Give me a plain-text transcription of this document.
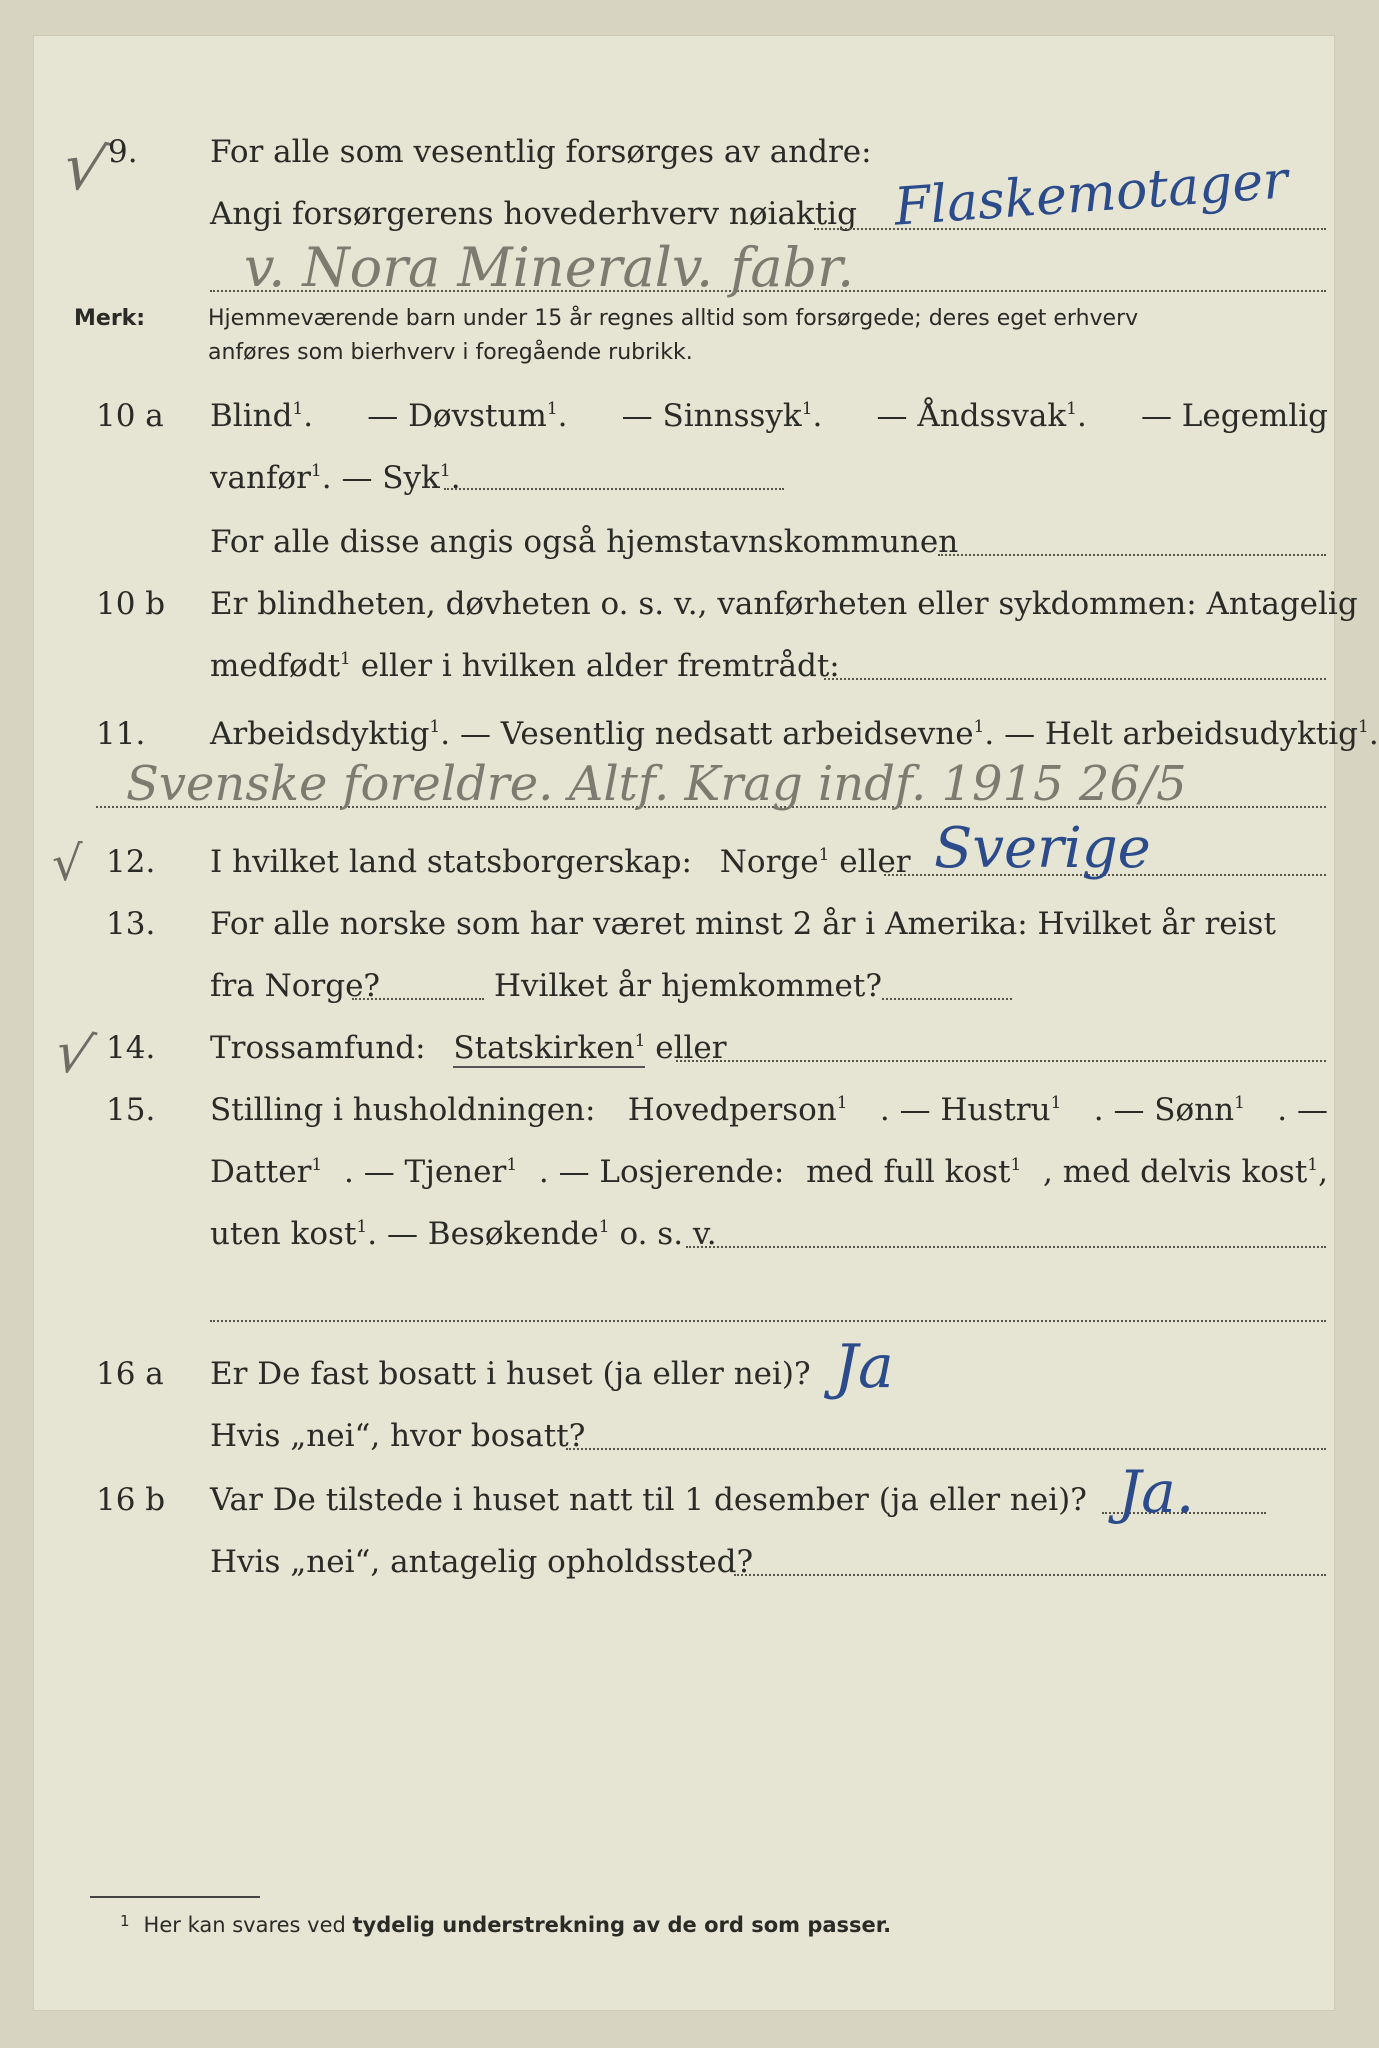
√
9. For alle som vesentlig forsørges av andre:
Angi forsørgerens hovederhverv nøiaktig Flaskemotager
v. Nora Mineralv. fabr.
Merk:	Hjemmeværende barn under 15 år regnes alltid som forsørgede; deres eget erhverv
anføres som bierhverv i foregående rubrikk.
10 a Blind$^1$. — Døvstum$^1$. — Sinnssyk$^1$. — Åndssvak$^1$. — Legemlig
vanfør$^1$. — Syk$^1$.
For alle disse angis også hjemstavnskommunen
10 b Er blindheten, døvheten o. s. v., vanførheten eller sykdommen: Antagelig
medfødt$^1$ eller i hvilken alder fremtrådt:
11. Arbeidsdyktig$^1$. — Vesentlig nedsatt arbeidsevne$^1$. — Helt arbeidsudyktig$^1$.
Svenske foreldre. Altf. Krag indf. 1915 26/5
√ 12. I hvilket land statsborgerskap: Norge$^1$ eller Sverige
13. For alle norske som har været minst 2 år i Amerika: Hvilket år reist
fra Norge?	Hvilket år hjemkommet?
√ 14. Trossamfund: Statskirken$^1$ eller
15. Stilling i husholdningen: Hovedperson$^1$ . — Hustru$^1$ . — Sønn$^1$ . —
Datter$^1$ . — Tjener$^1$ . — Losjerende: med full kost$^1$ , med delvis kost$^1$,
uten kost$^1$. — Besøkende$^1$ o. s. v.
16 a Er De fast bosatt i huset (ja eller nei)? Ja
Hvis „nei“, hvor bosatt?
16 b Var De tilstede i huset natt til 1 desember (ja eller nei)? Ja.
Hvis „nei“, antagelig opholdssted?
$^1$ Her kan svares ved tydelig understrekning av de ord som passer.
